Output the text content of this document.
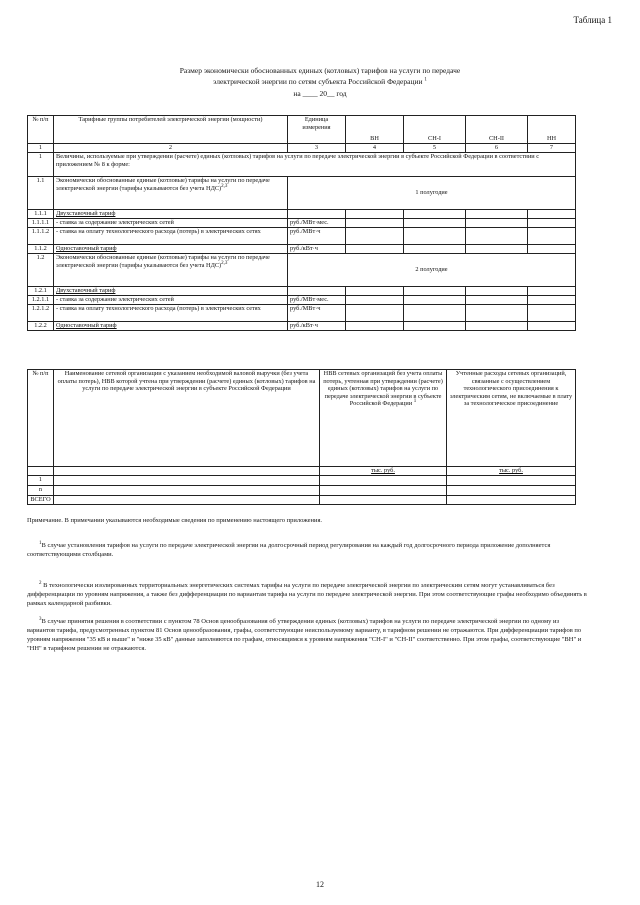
Таблица 1
Размер экономически обоснованных единых (котловых) тарифов на услуги по передаче
электрической энергии по сетям субъекта Российской Федерации $^1$
на ____ 20__ год
№ п/п	Тарифные группы потребителей электрической энергии (мощности)	Единица измерения	ВН	СН-I	СН-II	НН
1	2	3	4	5	6	7
1	Величины, используемые при утверждении (расчете) единых (котловых) тарифов на услуги по передаче электрической энергии в субъекте Российской Федерации в соответствии с приложением № 8 к форме:					
1.1	Экономически обоснованные единые (котловые) тарифы на услуги по передаче электрической энергии (тарифы указываются без учета НДС)$^{2,3}$	1 полугодие				
1.1.1	Двухставочный тариф					
1.1.1.1	- ставка за содержание электрических сетей	руб./МВт·мес.				
1.1.1.2	- ставка на оплату технологического расхода (потерь) в электрических сетях	руб./МВт·ч				
1.1.2	Одноставочный тариф	руб./кВт·ч				
1.2	Экономически обоснованные единые (котловые) тарифы на услуги по передаче электрической энергии (тарифы указываются без учета НДС)$^{2,3}$	2 полугодие				
1.2.1	Двухставочный тариф					
1.2.1.1	- ставка за содержание электрических сетей	руб./МВт·мес.				
1.2.1.2	- ставка на оплату технологического расхода (потерь) в электрических сетях	руб./МВт·ч				
1.2.2	Одноставочный тариф	руб./кВт·ч				
№ п/п	Наименование сетевой организации с указанием необходимой валовой выручки (без учета оплаты потерь), НВВ которой учтена при утверждении (расчете) единых (котловых) тарифов на услуги по передаче электрической энергии в субъекте Российской Федерации	НВВ сетевых организаций без учета оплаты потерь, учтенная при утверждении (расчете) единых (котловых) тарифов на услуги по передаче электрической энергии в субъекте Российской Федерации $^1$	Учтенные расходы сетевых организаций, связанные с осуществлением технологического присоединения к электрическим сетям, не включаемые в плату за технологическое присоединение
		тыс. руб.	тыс. руб.
1			
n			
ВСЕГО			
Примечание. В примечании указываются необходимые сведения по применению настоящего приложения.
$^1$В случае установления тарифов на услуги по передаче электрической энергии на долгосрочный период регулирования на каждый год долгосрочного периода приложение дополняется соответствующими столбцами.
$^2$ В технологически изолированных территориальных энергетических системах тарифы на услуги по передаче электрической энергии по электрическим сетям могут устанавливаться без дифференциации по уровням напряжения, а также без дифференциации по вариантам тарифа на услуги по передаче электрической энергии. При этом соответствующие графы необходимо объединять в рамках календарной разбивки.
$^3$В случае принятия решения в соответствии с пунктом 78 Основ ценообразования об утверждении единых (котловых) тарифов на услуги по передаче электрической энергии по одному из вариантов тарифа, предусмотренных пунктом 81 Основ ценообразования, графы, соответствующие неиспользуемому варианту, в тарифном решении не отражаются. При дифференциации тарифов по уровням напряжения "35 кВ и выше" и "ниже 35 кВ" данные заполняются по графам, относящимся к уровням напряжения "СН-I" и "СН-II" соответственно. При этом графы, соответствующие "ВН" и "НН" в тарифном решении не отражаются.
12
